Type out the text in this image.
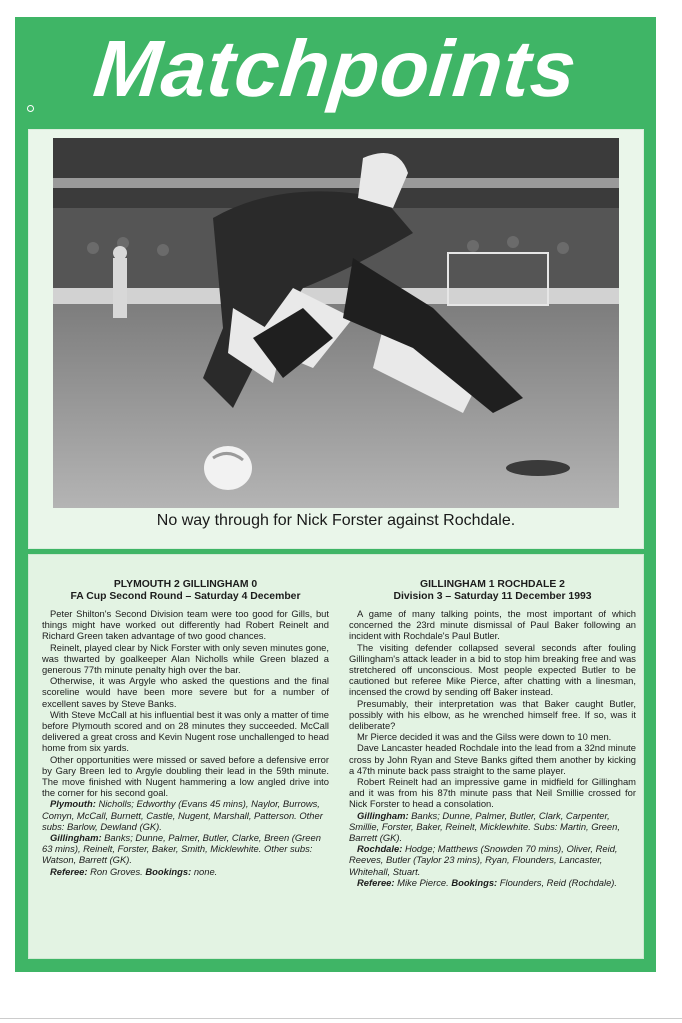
Matchpoints
No way through for Nick Forster against Rochdale.
PLYMOUTH 2 GILLINGHAM 0
FA Cup Second Round – Saturday 4 December

Peter Shilton's Second Division team were too good for Gills, but things might have worked out differently had Robert Reinelt and Richard Green taken advantage of two good chances.

Reinelt, played clear by Nick Forster with only seven minutes gone, was thwarted by goalkeeper Alan Nicholls while Green blazed a generous 77th minute penalty high over the bar.

Otherwise, it was Argyle who asked the questions and the final scoreline would have been more severe but for a number of excellent saves by Steve Banks.

With Steve McCall at his influential best it was only a matter of time before Plymouth scored and on 28 minutes they succeeded. McCall delivered a great cross and Kevin Nugent rose unchallenged to head home from six yards.

Other opportunities were missed or saved before a defensive error by Gary Breen led to Argyle doubling their lead in the 59th minute. The move finished with Nugent hammering a low angled drive into the corner for his second goal.

Plymouth: Nicholls; Edworthy (Evans 45 mins), Naylor, Burrows, Comyn, McCall, Burnett, Castle, Nugent, Marshall, Patterson. Other subs: Barlow, Dewland (GK).

Gillingham: Banks; Dunne, Palmer, Butler, Clarke, Breen (Green 63 mins), Reinelt, Forster, Baker, Smith, Micklewhite. Other subs: Watson, Barrett (GK).

Referee: Ron Groves. Bookings: none.

GILLINGHAM 1 ROCHDALE 2
Division 3 – Saturday 11 December 1993

A game of many talking points, the most important of which concerned the 23rd minute dismissal of Paul Baker following an incident with Rochdale's Paul Butler.

The visiting defender collapsed several seconds after fouling Gillingham's attack leader in a bid to stop him breaking free and was stretchered off unconscious. Most people expected Butler to be cautioned but referee Mike Pierce, after chatting with a linesman, incensed the crowd by sending off Baker instead.

Presumably, their interpretation was that Baker caught Butler, possibly with his elbow, as he wrenched himself free. If so, was it deliberate?

Mr Pierce decided it was and the Gilss were down to 10 men.

Dave Lancaster headed Rochdale into the lead from a 32nd minute cross by John Ryan and Steve Banks gifted them another by kicking a 47th minute back pass straight to the same player.

Robert Reinelt had an impressive game in midfield for Gillingham and it was from his 87th minute pass that Neil Smillie crossed for Nick Forster to head a consolation.

Gillingham: Banks; Dunne, Palmer, Butler, Clark, Carpenter, Smillie, Forster, Baker, Reinelt, Micklewhite. Subs: Martin, Green, Barrett (GK).

Rochdale: Hodge; Matthews (Snowden 70 mins), Oliver, Reid, Reeves, Butler (Taylor 23 mins), Ryan, Flounders, Lancaster, Whitehall, Stuart.

Referee: Mike Pierce. Bookings: Flounders, Reid (Rochdale).
